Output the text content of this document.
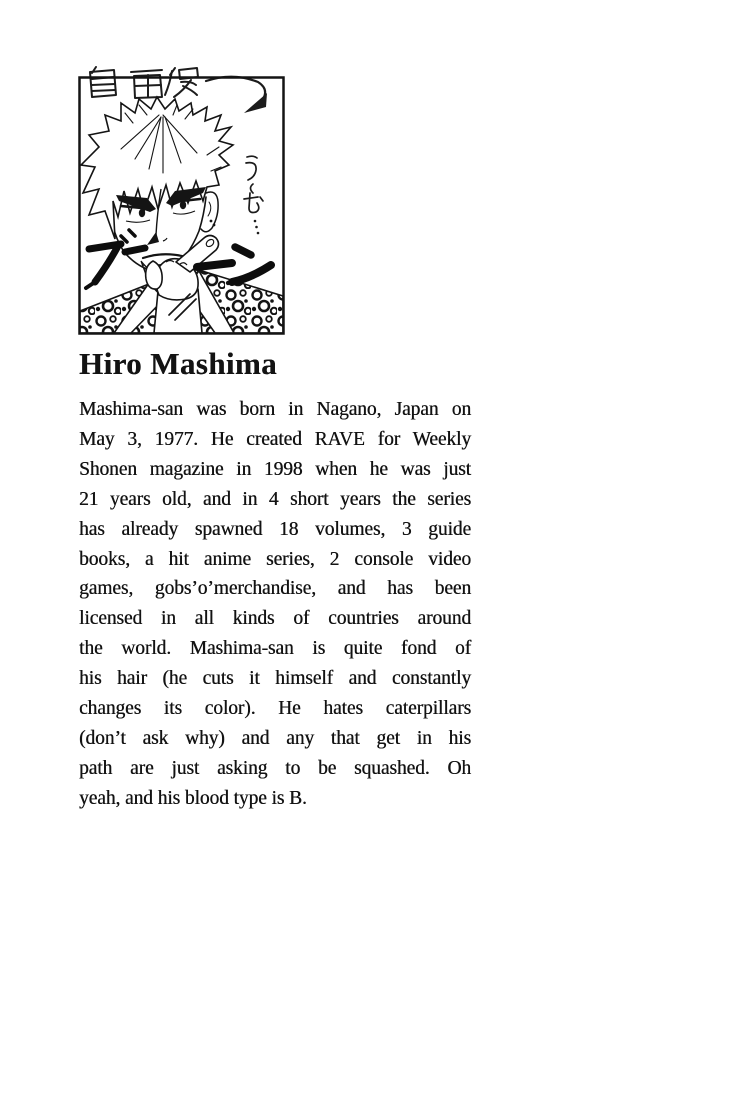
Hiro Mashima
Mashima-san was born in Nagano, Japan on
May 3, 1977. He created RAVE for Weekly
Shonen magazine in 1998 when he was just
21 years old, and in 4 short years the series
has already spawned 18 volumes, 3 guide
books, a hit anime series, 2 console video
games, gobs’o’merchandise, and has been
licensed in all kinds of countries around
the world. Mashima-san is quite fond of
his hair (he cuts it himself and constantly
changes its color). He hates caterpillars
(don’t ask why) and any that get in his
path are just asking to be squashed. Oh
yeah, and his blood type is B.
